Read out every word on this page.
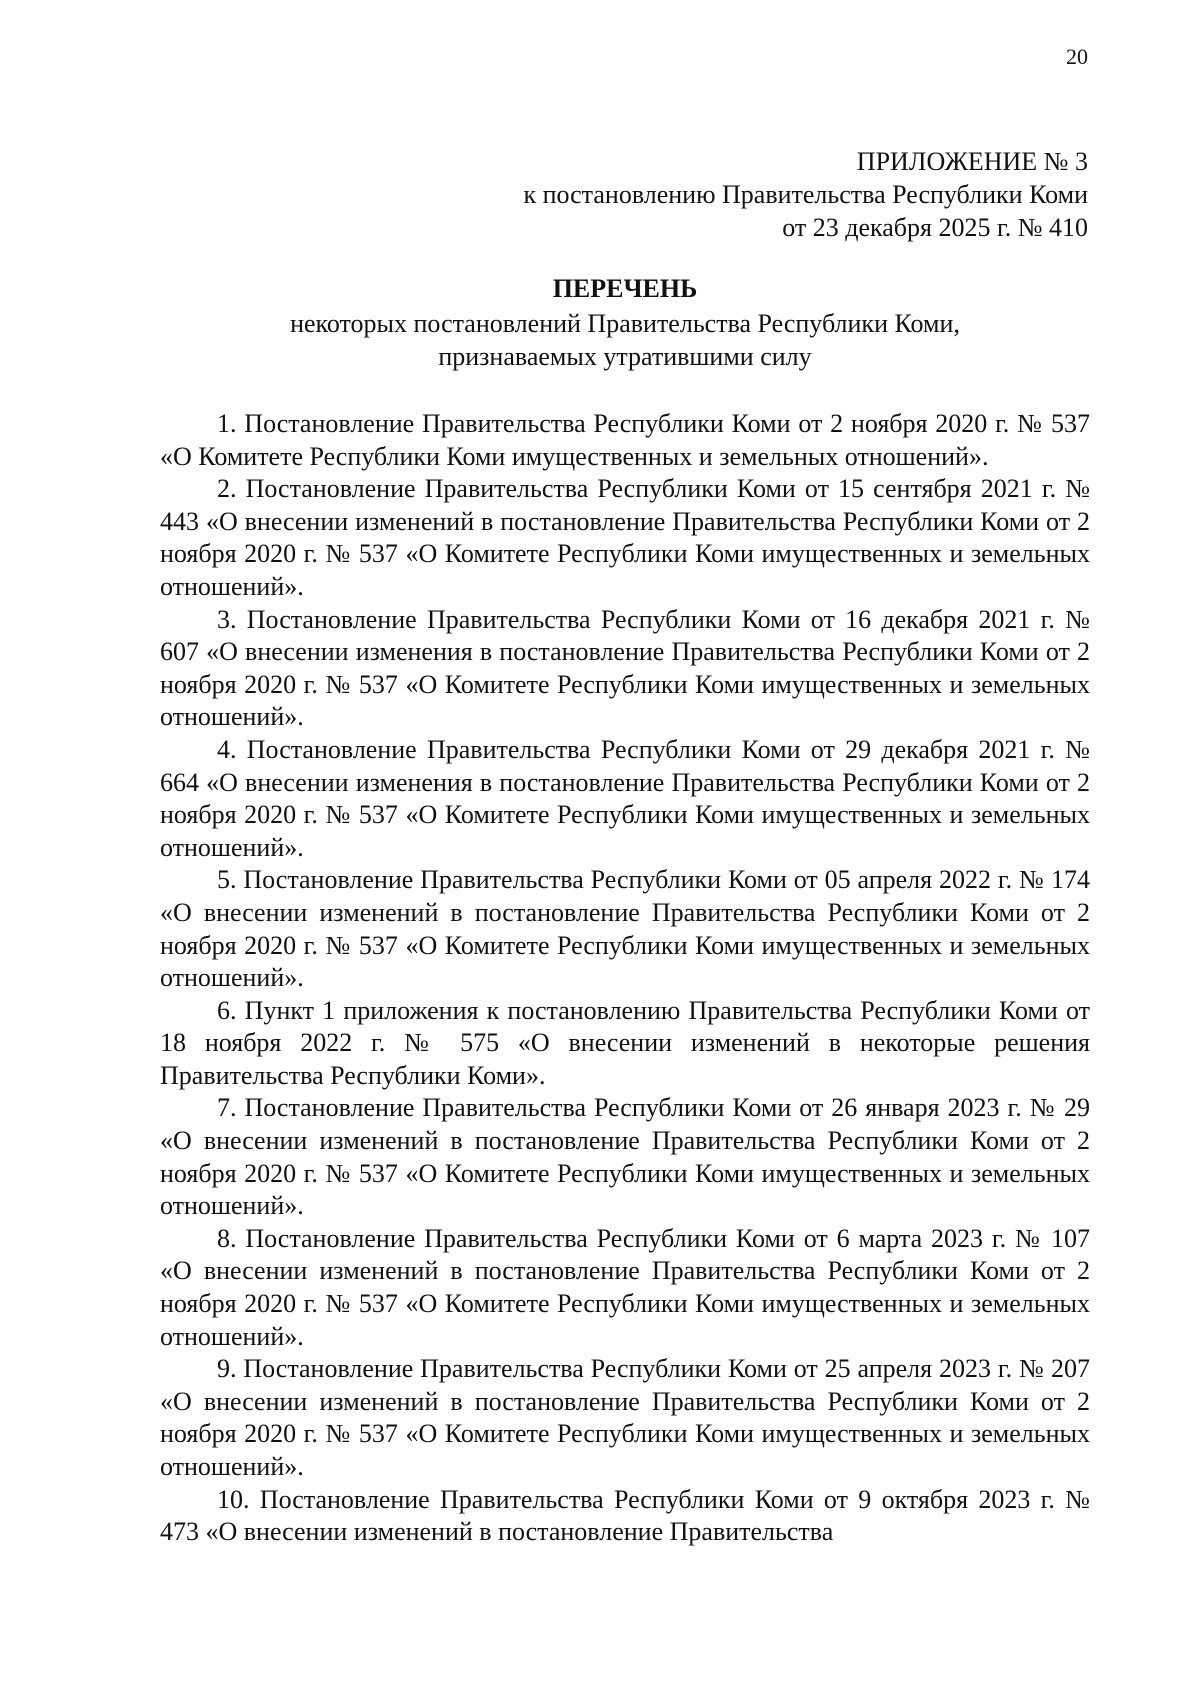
20
ПРИЛОЖЕНИЕ № 3
к постановлению Правительства Республики Коми
от 23 декабря 2025 г. № 410
ПЕРЕЧЕНЬ
некоторых постановлений Правительства Республики Коми,
признаваемых утратившими силу

1. Постановление Правительства Республики Коми от 2 ноября 2020 г. № 537 «О Комитете Республики Коми имущественных и земельных отношений».

2. Постановление Правительства Республики Коми от 15 сентября 2021 г. № 443 «О внесении изменений в постановление Правительства Республики Коми от 2 ноября 2020 г. № 537 «О Комитете Республики Коми имущественных и земельных отношений».

3. Постановление Правительства Республики Коми от 16 декабря 2021 г. № 607 «О внесении изменения в постановление Правительства Республики Коми от 2 ноября 2020 г. № 537 «О Комитете Республики Коми имущественных и земельных отношений».

4. Постановление Правительства Республики Коми от 29 декабря 2021 г. № 664 «О внесении изменения в постановление Правительства Республики Коми от 2 ноября 2020 г. № 537 «О Комитете Республики Коми имущественных и земельных отношений».

5. Постановление Правительства Республики Коми от 05 апреля 2022 г. № 174 «О внесении изменений в постановление Правительства Республики Коми от 2 ноября 2020 г. № 537 «О Комитете Республики Коми имущественных и земельных отношений».

6. Пункт 1 приложения к постановлению Правительства Республики Коми от 18 ноября 2022 г. № 575 «О внесении изменений в некоторые решения Правительства Республики Коми».

7. Постановление Правительства Республики Коми от 26 января 2023 г. № 29 «О внесении изменений в постановление Правительства Республики Коми от 2 ноября 2020 г. № 537 «О Комитете Республики Коми имущественных и земельных отношений».

8. Постановление Правительства Республики Коми от 6 марта 2023 г. № 107 «О внесении изменений в постановление Правительства Республики Коми от 2 ноября 2020 г. № 537 «О Комитете Республики Коми имущественных и земельных отношений».

9. Постановление Правительства Республики Коми от 25 апреля 2023 г. № 207 «О внесении изменений в постановление Правительства Республики Коми от 2 ноября 2020 г. № 537 «О Комитете Республики Коми имущественных и земельных отношений».

10. Постановление Правительства Республики Коми от 9 октября 2023 г. № 473 «О внесении изменений в постановление Правительства
